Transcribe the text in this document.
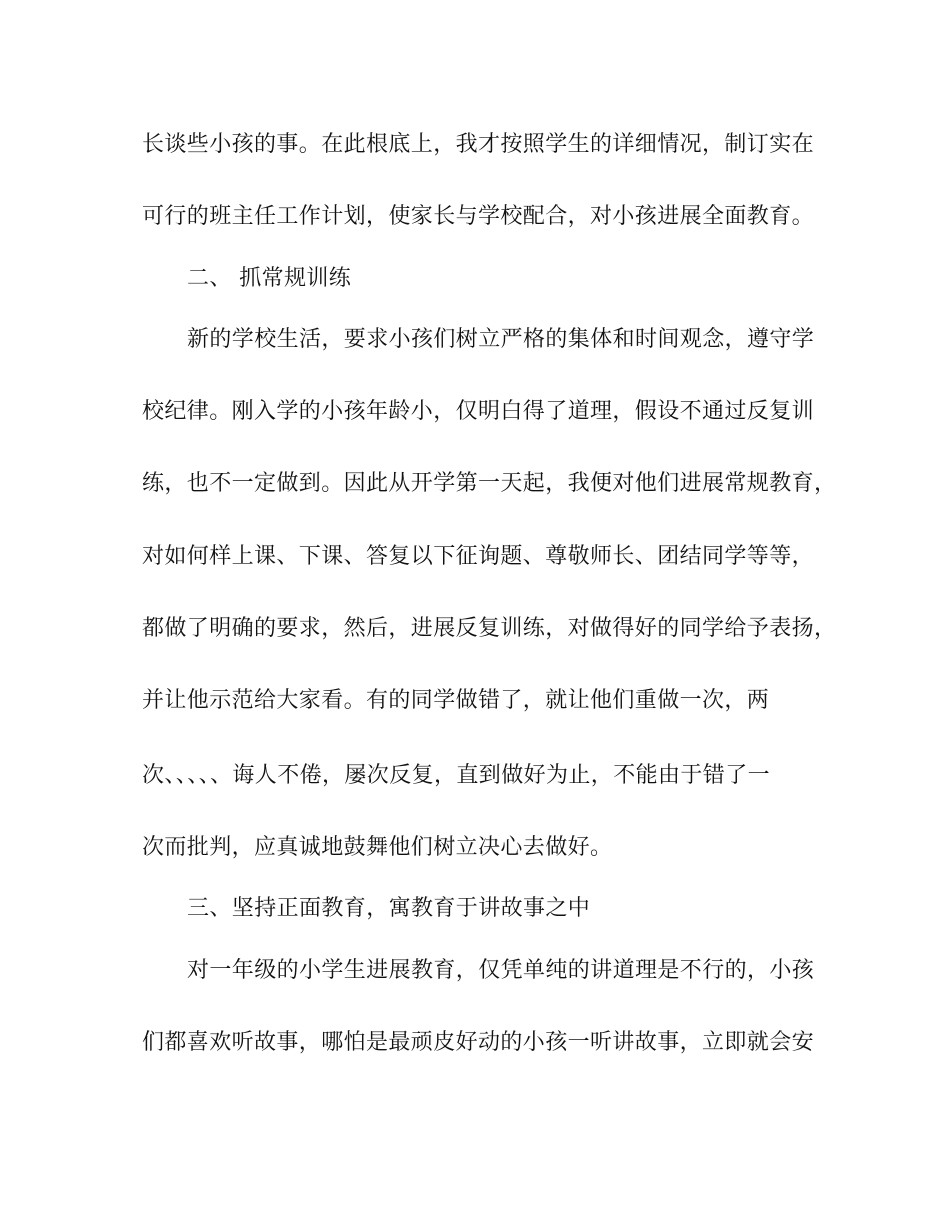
长谈些小孩的事。在此根底上，我才按照学生的详细情况，制订实在
可行的班主任工作计划，使家长与学校配合，对小孩进展全面教育。
二、 抓常规训练
新的学校生活，要求小孩们树立严格的集体和时间观念，遵守学
校纪律。刚入学的小孩年龄小，仅明白得了道理，假设不通过反复训
练，也不一定做到。因此从开学第一天起，我便对他们进展常规教育，
对如何样上课、下课、答复以下征询题、尊敬师长、团结同学等等，
都做了明确的要求，然后，进展反复训练，对做得好的同学给予表扬，
并让他示范给大家看。有的同学做错了，就让他们重做一次，两
次、、、、、诲人不倦，屡次反复，直到做好为止，不能由于错了一
次而批判，应真诚地鼓舞他们树立决心去做好。
三、坚持正面教育，寓教育于讲故事之中
对一年级的小学生进展教育，仅凭单纯的讲道理是不行的，小孩
们都喜欢听故事，哪怕是最顽皮好动的小孩一听讲故事，立即就会安
